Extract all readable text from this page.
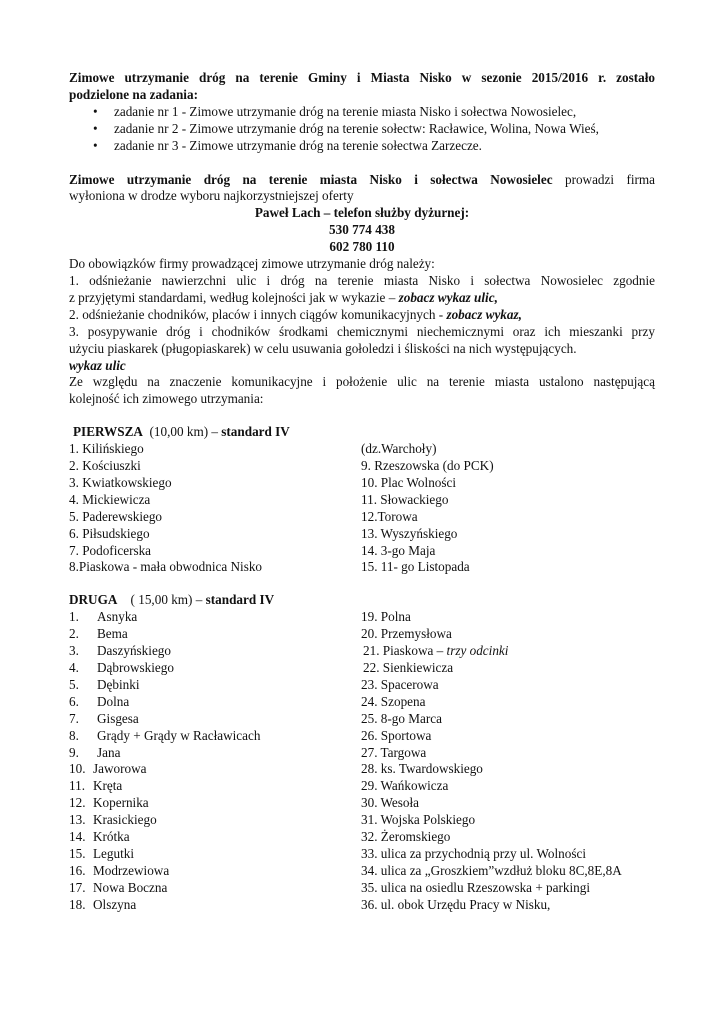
Zimowe utrzymanie dróg na terenie Gminy i Miasta Nisko w sezonie 2015/2016 r. zostało
podzielone na zadania:
• zadanie nr 1 - Zimowe utrzymanie dróg na terenie miasta Nisko i sołectwa Nowosielec,
• zadanie nr 2 - Zimowe utrzymanie dróg na terenie sołectw: Racławice, Wolina, Nowa Wieś,
• zadanie nr 3 - Zimowe utrzymanie dróg na terenie sołectwa Zarzecze.
Zimowe utrzymanie dróg na terenie miasta Nisko i sołectwa Nowosielec prowadzi firma
wyłoniona w drodze wyboru najkorzystniejszej oferty
Paweł Lach – telefon służby dyżurnej:
530 774 438
602 780 110
Do obowiązków firmy prowadzącej zimowe utrzymanie dróg należy:
1. odśnieżanie nawierzchni ulic i dróg na terenie miasta Nisko i sołectwa Nowosielec zgodnie
z przyjętymi standardami, według kolejności jak w wykazie – zobacz wykaz ulic,
2. odśnieżanie chodników, placów i innych ciągów komunikacyjnych - zobacz wykaz,
3. posypywanie dróg i chodników środkami chemicznymi niechemicznymi oraz ich mieszanki przy
użyciu piaskarek (pługopiaskarek) w celu usuwania gołoledzi i śliskości na nich występujących.
wykaz ulic
Ze względu na znaczenie komunikacyjne i położenie ulic na terenie miasta ustalono następującą
kolejność ich zimowego utrzymania:
PIERWSZA  (10,00 km) – standard IV
1. Kilińskiego
2. Kościuszki
3. Kwiatkowskiego
4. Mickiewicza
5. Paderewskiego
6. Piłsudskiego
7. Podoficerska
8.Piaskowa - mała obwodnica Nisko
(dz.Warchoły)
9. Rzeszowska (do PCK)
10. Plac Wolności
11. Słowackiego
12.Torowa
13. Wyszyńskiego
14. 3-go Maja
15. 11- go Listopada
DRUGA    ( 15,00 km) – standard IV
1. Asnyka
2. Bema
3. Daszyńskiego
4. Dąbrowskiego
5. Dębinki
6. Dolna
7. Gisgesa
8. Grądy + Grądy w Racławicach
9. Jana
10. Jaworowa
11. Kręta
12. Kopernika
13. Krasickiego
14. Krótka
15. Legutki
16. Modrzewiowa
17. Nowa Boczna
18. Olszyna
19. Polna
20. Przemysłowa
21. Piaskowa – trzy odcinki
22. Sienkiewicza
23. Spacerowa
24. Szopena
25. 8-go Marca
26. Sportowa
27. Targowa
28. ks. Twardowskiego
29. Wańkowicza
30. Wesoła
31. Wojska Polskiego
32. Żeromskiego
33. ulica za przychodnią przy ul. Wolności
34. ulica za „Groszkiem”wzdłuż bloku 8C,8E,8A
35. ulica na osiedlu Rzeszowska + parkingi
36. ul. obok Urzędu Pracy w Nisku,
